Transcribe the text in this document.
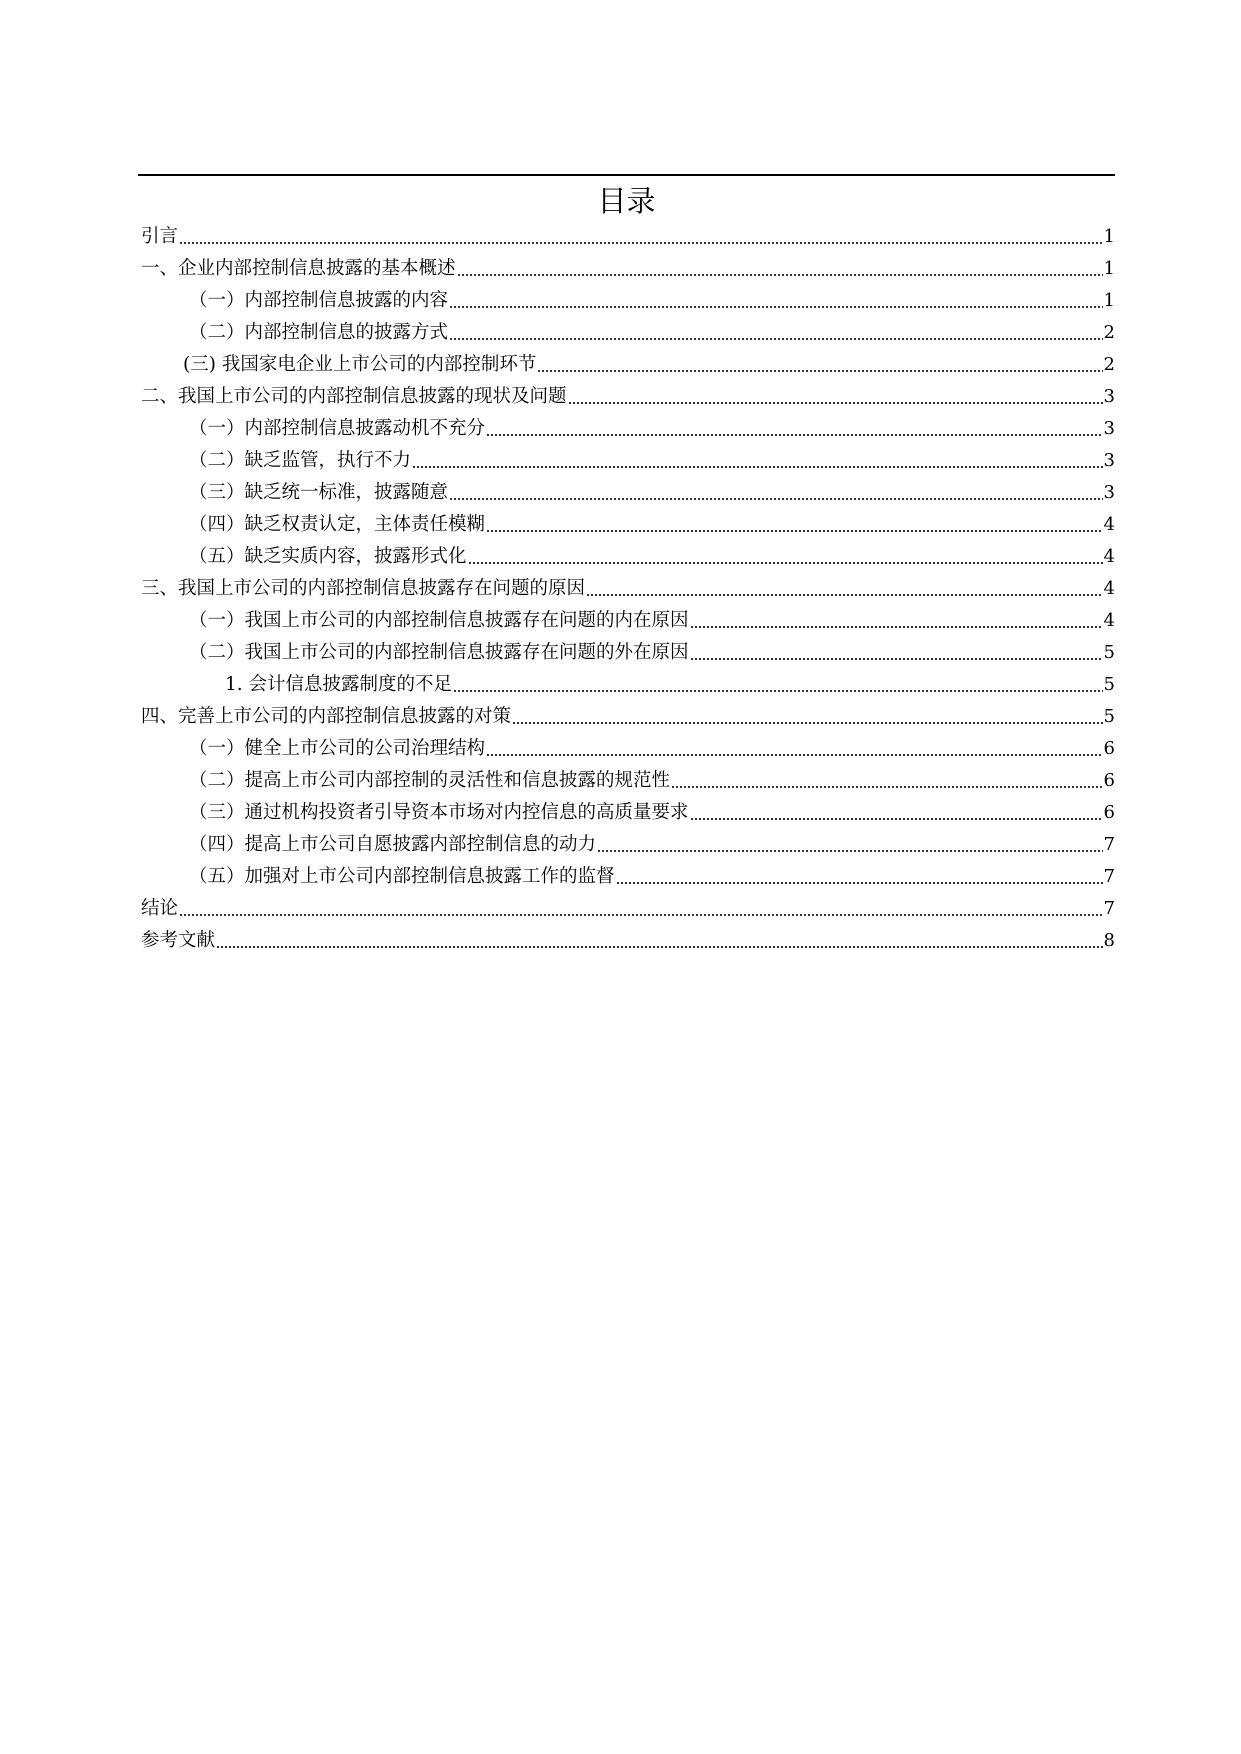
目录
引言	1
一、企业内部控制信息披露的基本概述	1
（一）内部控制信息披露的内容	1
（二）内部控制信息的披露方式	2
(三) 我国家电企业上市公司的内部控制环节	2
二、我国上市公司的内部控制信息披露的现状及问题	3
（一）内部控制信息披露动机不充分	3
（二）缺乏监管，执行不力	3
（三）缺乏统一标准，披露随意	3
（四）缺乏权责认定，主体责任模糊	4
（五）缺乏实质内容，披露形式化	4
三、我国上市公司的内部控制信息披露存在问题的原因	4
（一）我国上市公司的内部控制信息披露存在问题的内在原因	4
（二）我国上市公司的内部控制信息披露存在问题的外在原因	5
1. 会计信息披露制度的不足	5
四、完善上市公司的内部控制信息披露的对策	5
（一）健全上市公司的公司治理结构	6
（二）提高上市公司内部控制的灵活性和信息披露的规范性	6
（三）通过机构投资者引导资本市场对内控信息的高质量要求	6
（四）提高上市公司自愿披露内部控制信息的动力	7
（五）加强对上市公司内部控制信息披露工作的监督	7
结论	7
参考文献	8
